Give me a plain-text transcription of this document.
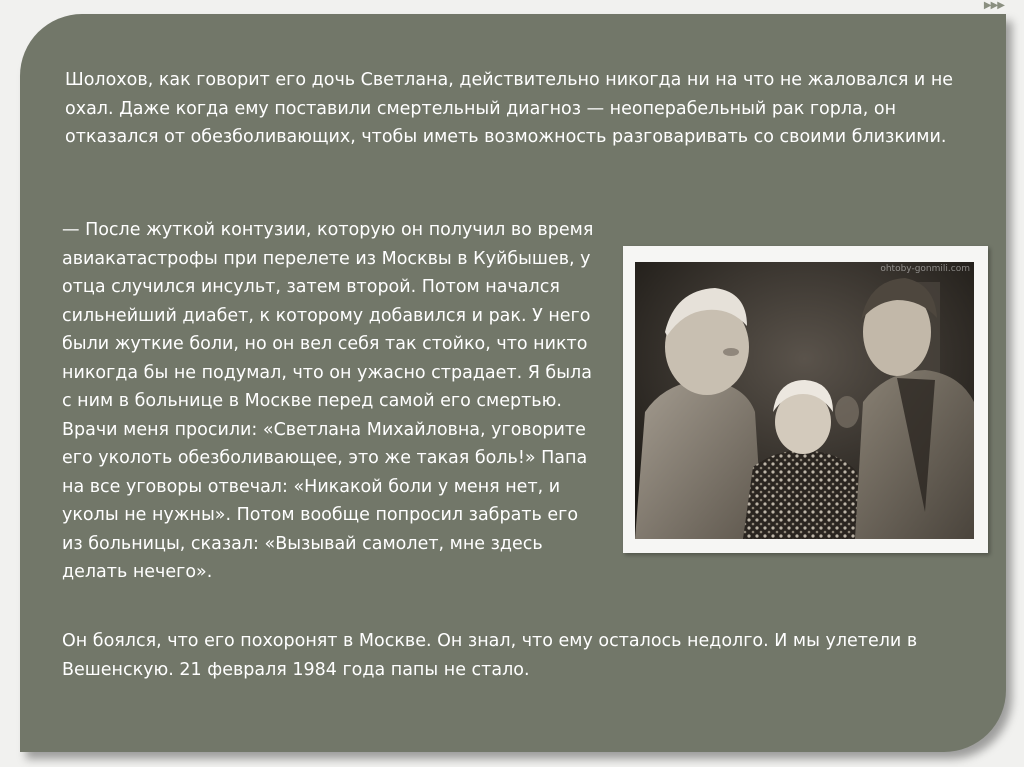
▶▶▶

Шолохов, как говорит его дочь Светлана, действительно никогда ни на что не жаловался и не охал. Даже когда ему поставили смертельный диагноз — неоперабельный рак горла, он отказался от обезболивающих, чтобы иметь возможность разговаривать со своими близкими.

— После жуткой контузии, которую он получил во время авиакатастрофы при перелете из Москвы в Куйбышев, у отца случился инсульт, затем второй. Потом начался сильнейший диабет, к которому добавился и рак. У него были жуткие боли, но он вел себя так стойко, что никто никогда бы не подумал, что он ужасно страдает. Я была с ним в больнице в Москве перед самой его смертью. Врачи меня просили: «Светлана Михайловна, уговорите его уколоть обезболивающее, это же такая боль!» Папа на все уговоры отвечал: «Никакой боли у меня нет, и уколы не нужны». Потом вообще попросил забрать его из больницы, сказал: «Вызывай самолет, мне здесь делать нечего».

ohtoby-gonmili.com

Он боялся, что его похоронят в Москве. Он знал, что ему осталось недолго. И мы улетели в Вешенскую. 21 февраля 1984 года папы не стало.
